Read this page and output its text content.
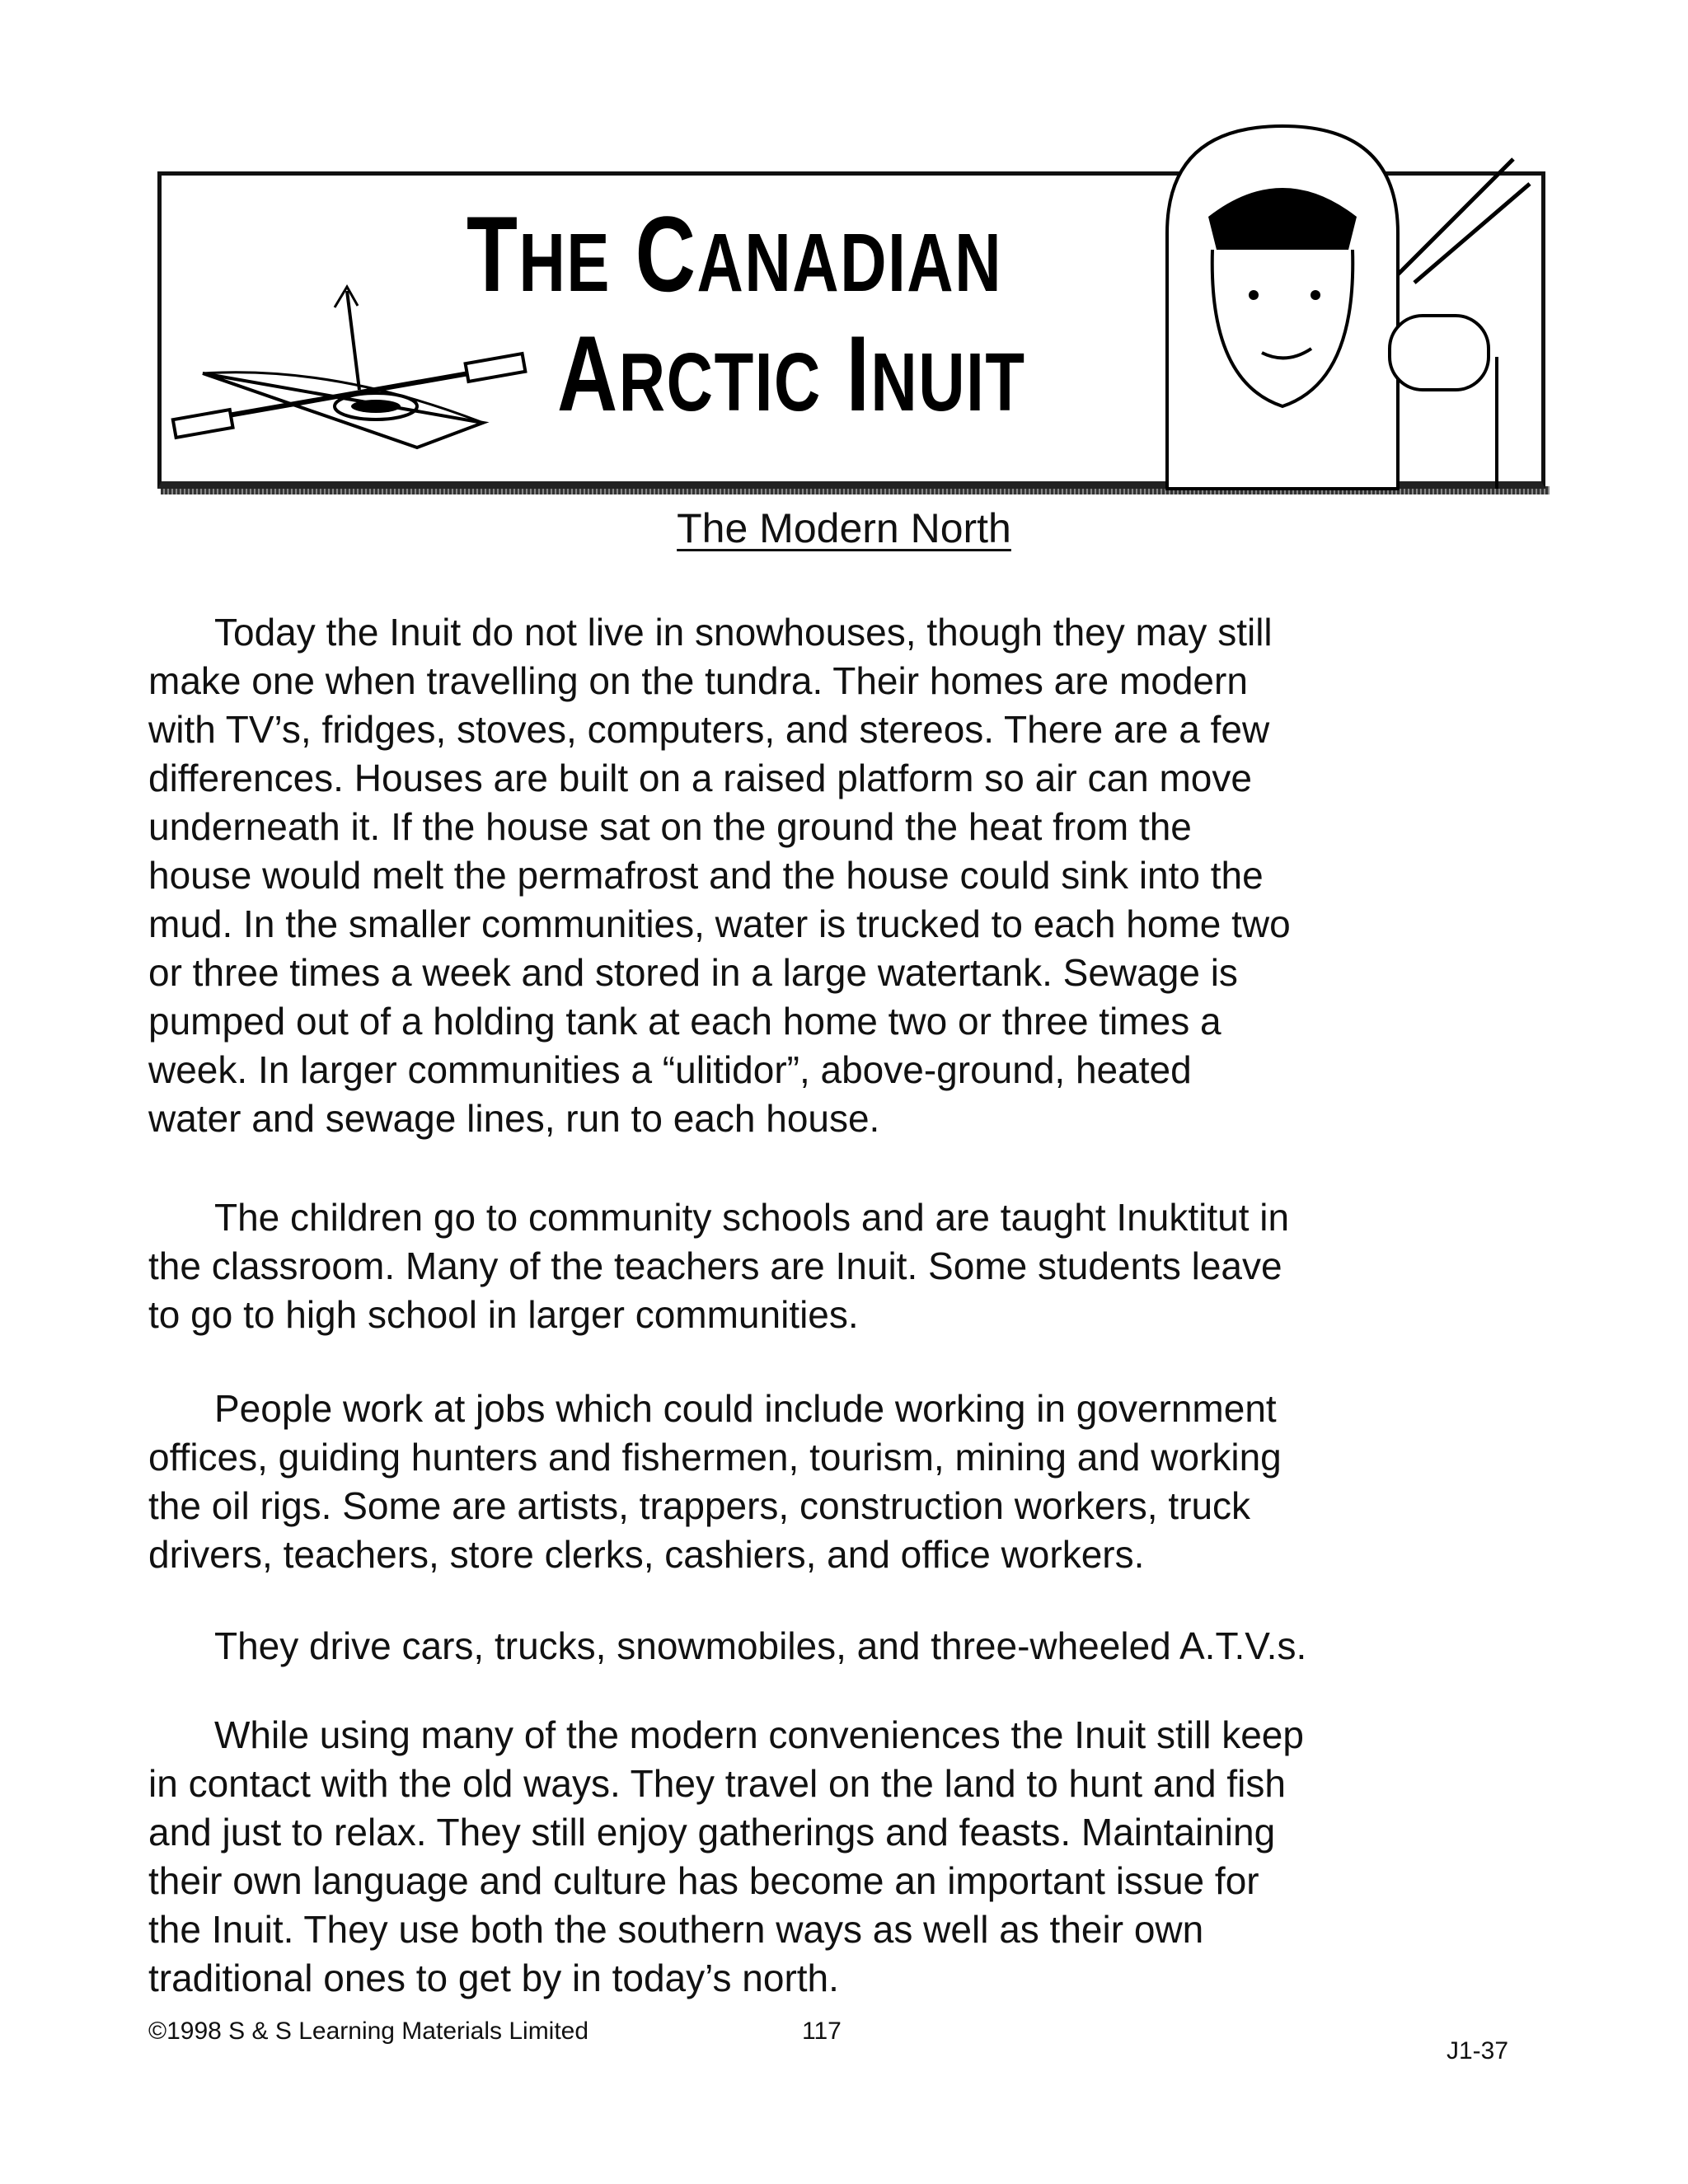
THE CANADIAN
ARCTIC INUIT
The Modern North
Today the Inuit do not live in snowhouses, though they may still
make one when travelling on the tundra. Their homes are modern
with TV’s, fridges, stoves, computers, and stereos. There are a few
differences. Houses are built on a raised platform so air can move
underneath it. If the house sat on the ground the heat from the
house would melt the permafrost and the house could sink into the
mud. In the smaller communities, water is trucked to each home two
or three times a week and stored in a large watertank. Sewage is
pumped out of a holding tank at each home two or three times a
week. In larger communities a “ulitidor”, above-ground, heated
water and sewage lines, run to each house.
The children go to community schools and are taught Inuktitut in
the classroom. Many of the teachers are Inuit. Some students leave
to go to high school in larger communities.
People work at jobs which could include working in government
offices, guiding hunters and fishermen, tourism, mining and working
the oil rigs. Some are artists, trappers, construction workers, truck
drivers, teachers, store clerks, cashiers, and office workers.
They drive cars, trucks, snowmobiles, and three-wheeled A.T.V.s.
While using many of the modern conveniences the Inuit still keep
in contact with the old ways. They travel on the land to hunt and fish
and just to relax. They still enjoy gatherings and feasts. Maintaining
their own language and culture has become an important issue for
the Inuit. They use both the southern ways as well as their own
traditional ones to get by in today’s north.
©1998 S & S Learning Materials Limited	117
J1-37
